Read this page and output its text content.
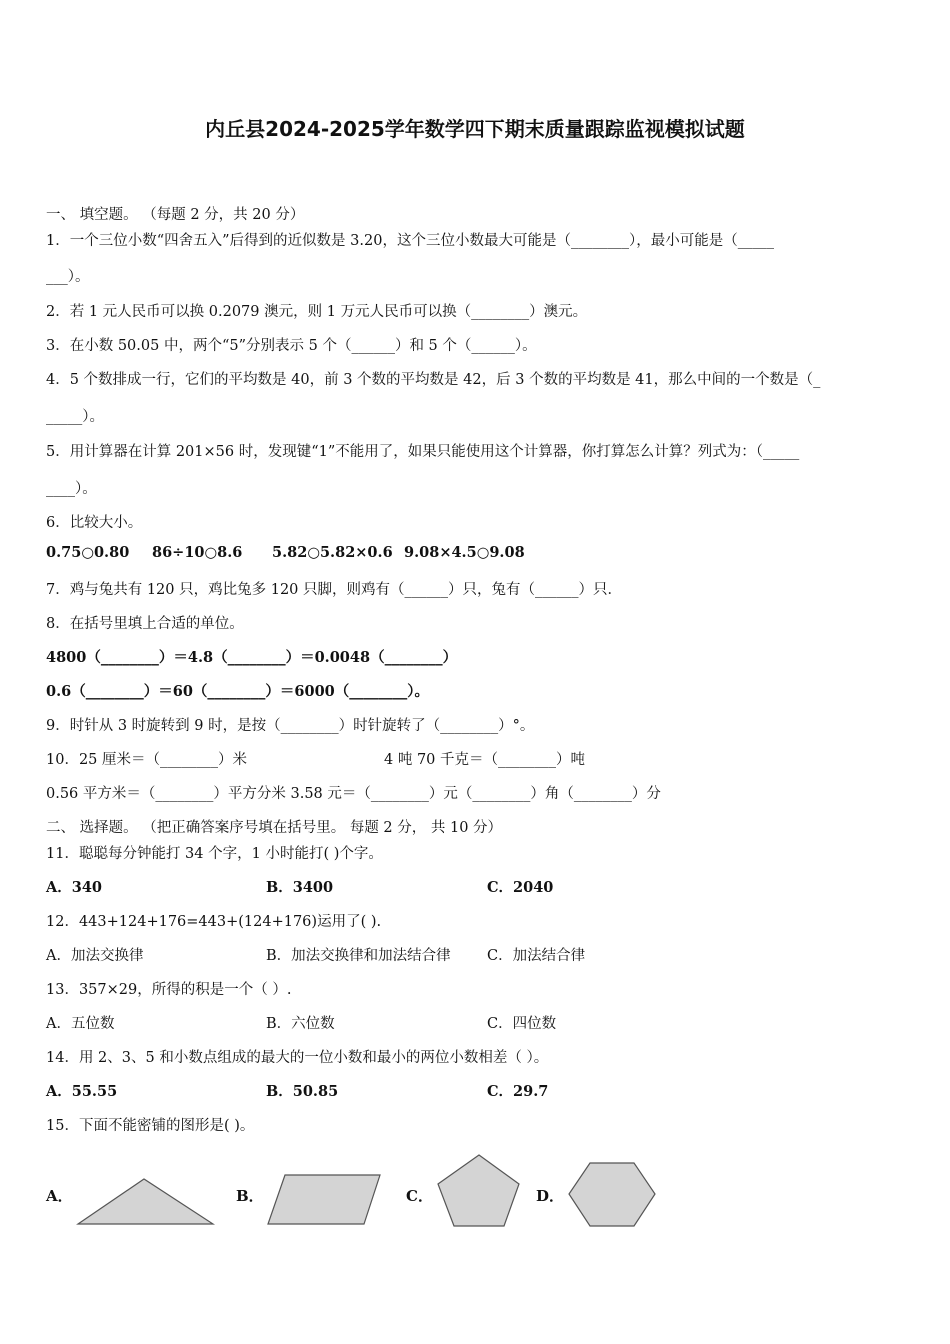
内丘县2024-2025学年数学四下期末质量跟踪监视模拟试题
一、 填空题。 （每题 2 分，共 20 分）
1．一个三位小数“四舍五入”后得到的近似数是 3.20，这个三位小数最大可能是（________），最小可能是（_____
___）。
2．若 1 元人民币可以换 0.2079 澳元，则 1 万元人民币可以换（________）澳元。
3．在小数 50.05 中，两个“5”分别表示 5 个（______）和 5 个（______）。
4．5 个数排成一行，它们的平均数是 40，前 3 个数的平均数是 42，后 3 个数的平均数是 41，那么中间的一个数是（_
_____）。
5．用计算器在计算 201×56 时，发现键“1”不能用了，如果只能使用这个计算器，你打算怎么计算？列式为：（_____
____）。
6．比较大小。
0.75○0.80 86÷10○8.6 5.82○5.82×0.6 9.08×4.5○9.08
7．鸡与兔共有 120 只，鸡比兔多 120 只脚，则鸡有（______）只，兔有（______）只．
8．在括号里填上合适的单位。
4800（________）＝4.8（________）＝0.0048（________）
0.6（________）＝60（________）＝6000（________）。
9．时针从 3 时旋转到 9 时，是按（________）时针旋转了（________）°。
10．25 厘米＝（________）米	4 吨 70 千克＝（________）吨
0.56 平方米＝（________）平方分米 3.58 元＝（________）元（________）角（________）分
二、 选择题。 （把正确答案序号填在括号里。 每题 2 分， 共 10 分）
11．聪聪每分钟能打 34 个字，1 小时能打( )个字。
A．340	B．3400	C．2040
12．443+124+176=443+(124+176)运用了( ).
A．加法交换律	B．加法交换律和加法结合律	C．加法结合律
13．357×29，所得的积是一个（ ）.
A．五位数	B．六位数	C．四位数
14．用 2、3、5 和小数点组成的最大的一位小数和最小的两位小数相差（ ）。
A．55.55	B．50.85	C．29.7
15．下面不能密铺的图形是( )。
A．	B．	C．	D．
